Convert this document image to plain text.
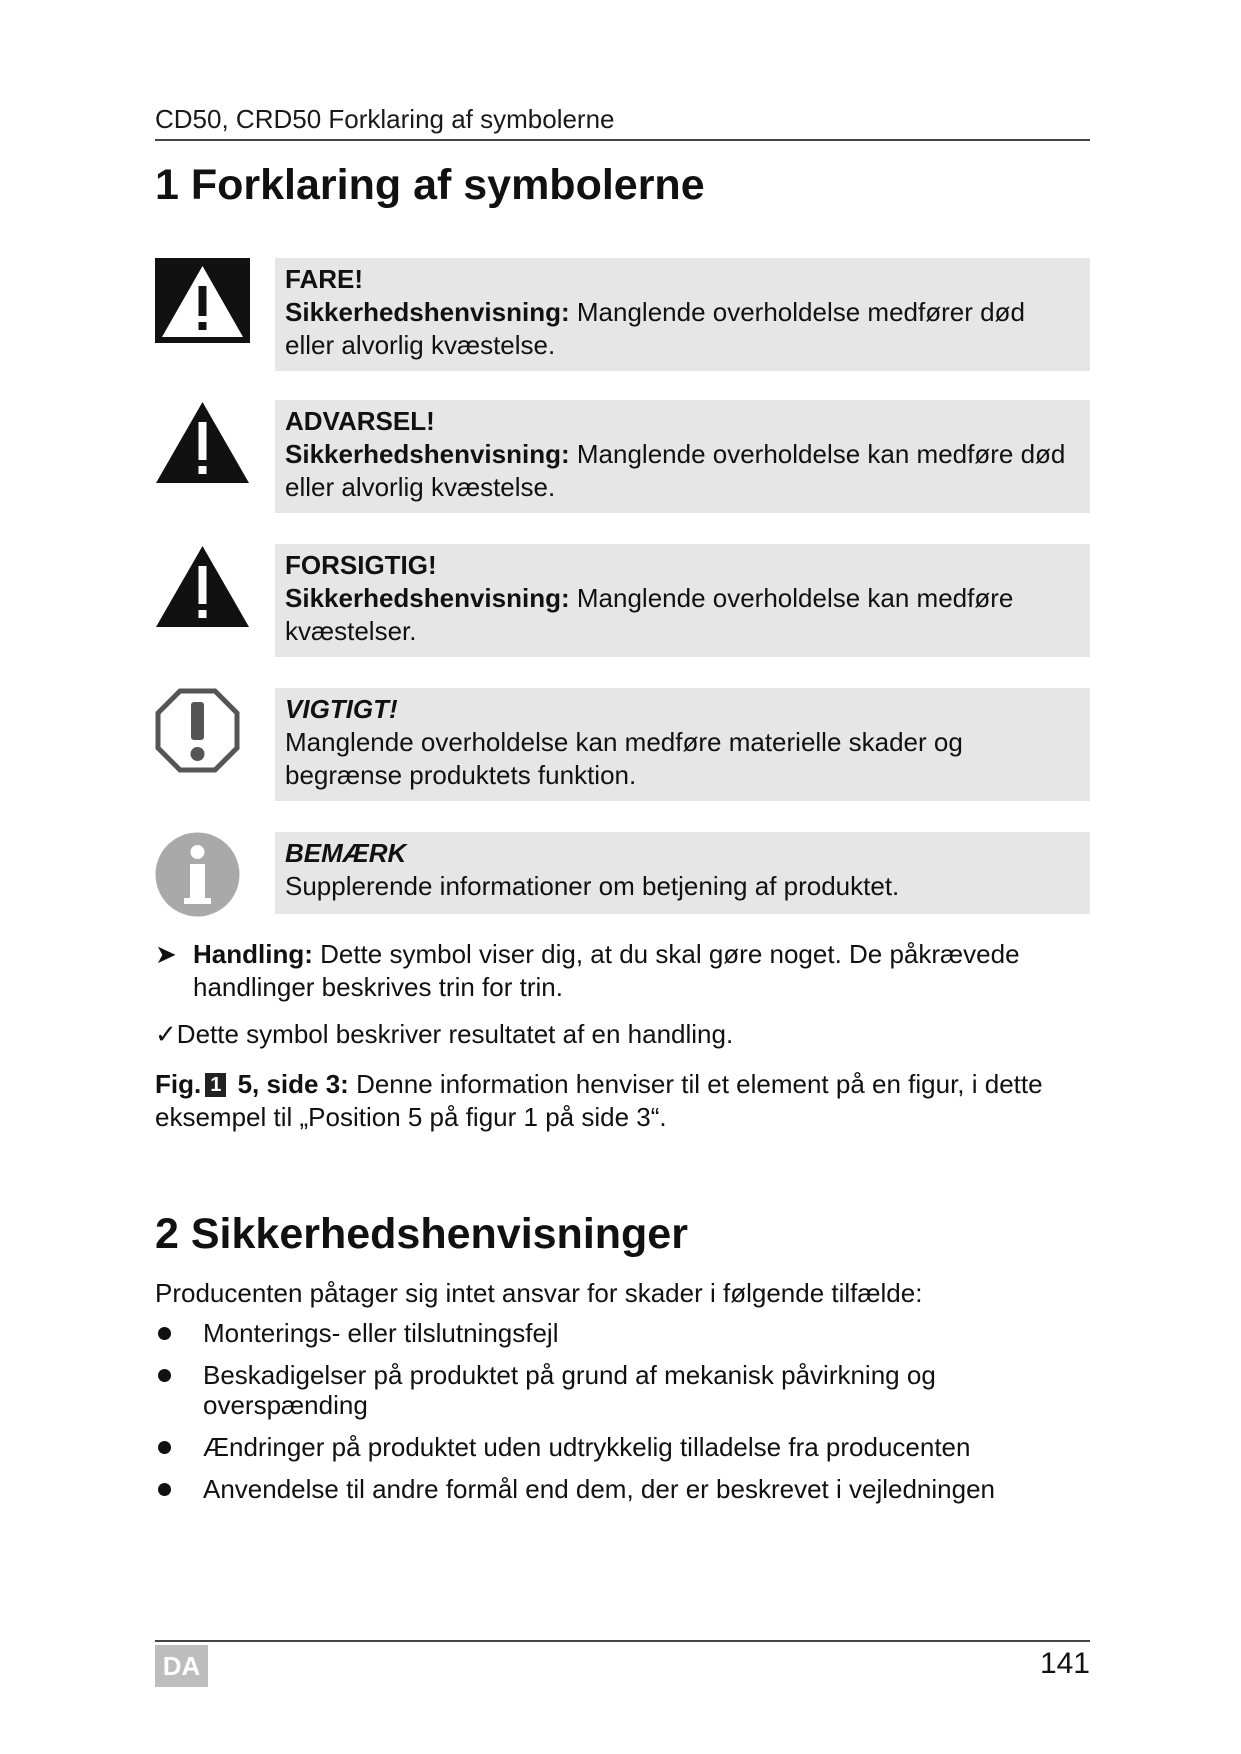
CD50, CRD50 Forklaring af symbolerne
1 Forklaring af symbolerne
FARE!
Sikkerhedshenvisning: Manglende overholdelse medfører død eller alvorlig kvæstelse.
ADVARSEL!
Sikkerhedshenvisning: Manglende overholdelse kan medføre død eller alvorlig kvæstelse.
FORSIGTIG!
Sikkerhedshenvisning: Manglende overholdelse kan medføre kvæstelser.
VIGTIGT!
Manglende overholdelse kan medføre materielle skader og begrænse produktets funktion.
BEMÆRK
Supplerende informationer om betjening af produktet.
➤ Handling: Dette symbol viser dig, at du skal gøre noget. De påkrævede handlinger beskrives trin for trin.
✓Dette symbol beskriver resultatet af en handling.
Fig. 1 5, side 3: Denne information henviser til et element på en figur, i dette eksempel til „Position 5 på figur 1 på side 3“.
2 Sikkerhedshenvisninger
Producenten påtager sig intet ansvar for skader i følgende tilfælde:
Monterings- eller tilslutningsfejl
Beskadigelser på produktet på grund af mekanisk påvirkning og overspænding
Ændringer på produktet uden udtrykkelig tilladelse fra producenten
Anvendelse til andre formål end dem, der er beskrevet i vejledningen
DA	141
